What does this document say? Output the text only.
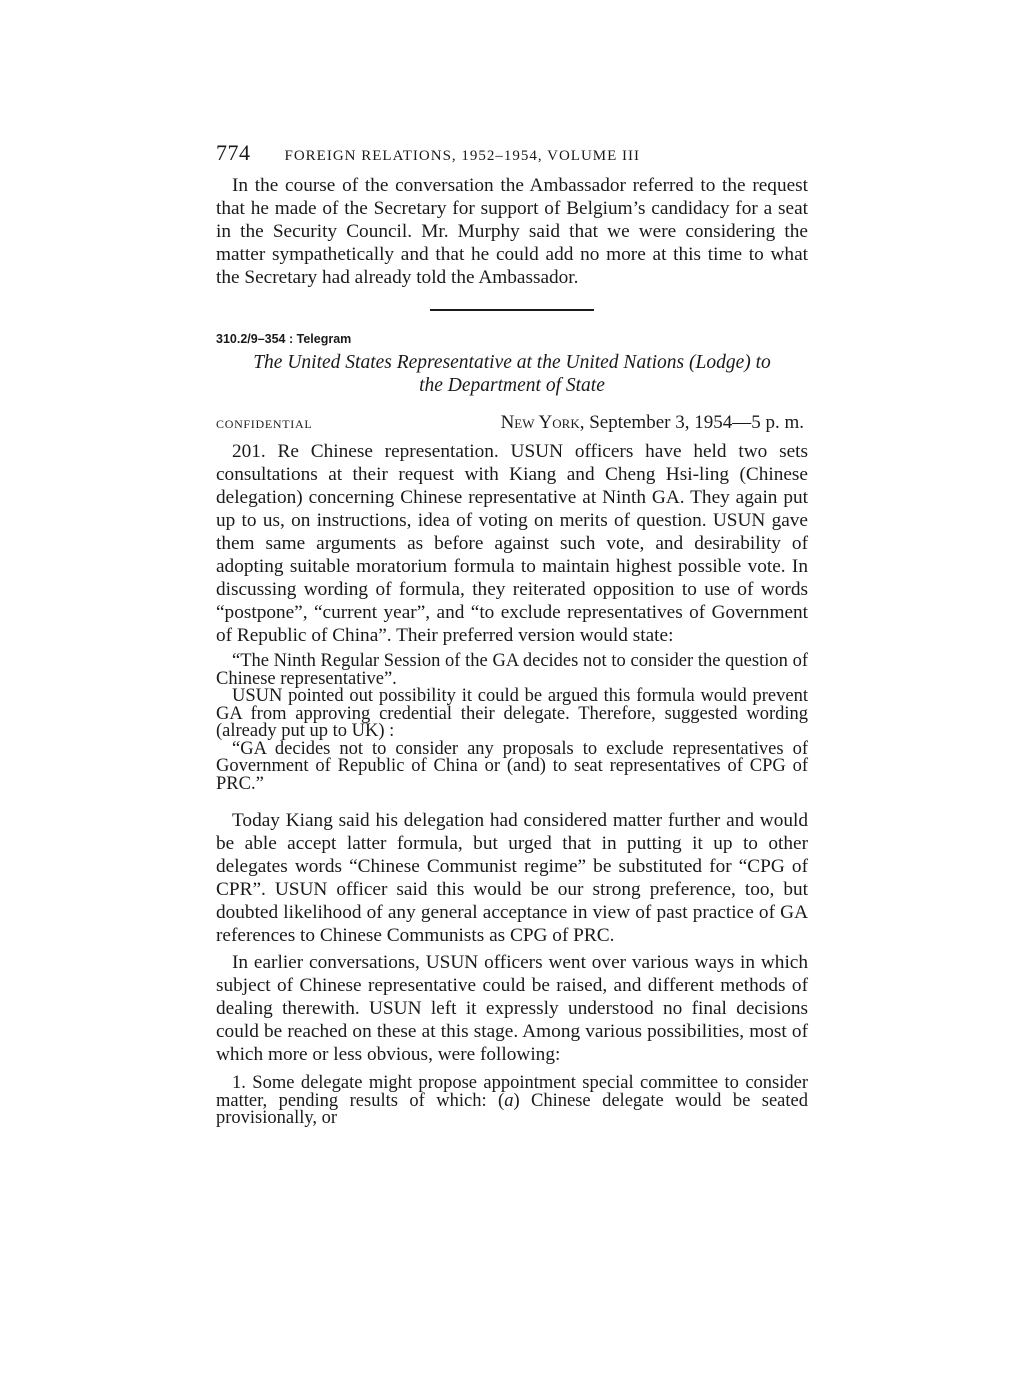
774 FOREIGN RELATIONS, 1952–1954, VOLUME III

In the course of the conversation the Ambassador referred to the request that he made of the Secretary for support of Belgium’s candidacy for a seat in the Security Council. Mr. Murphy said that we were considering the matter sympathetically and that he could add no more at this time to what the Secretary had already told the Ambassador.

310.2/9–354 : Telegram

The United States Representative at the United Nations (Lodge) to

the Department of State

CONFIDENTIAL	New York, September 3, 1954—5 p. m.

201. Re Chinese representation. USUN officers have held two sets consultations at their request with Kiang and Cheng Hsi-ling (Chinese delegation) concerning Chinese representative at Ninth GA. They again put up to us, on instructions, idea of voting on merits of question. USUN gave them same arguments as before against such vote, and desirability of adopting suitable moratorium formula to maintain highest possible vote. In discussing wording of formula, they reiterated opposition to use of words “postpone”, “current year”, and “to exclude representatives of Government of Republic of China”. Their preferred version would state:

“The Ninth Regular Session of the GA decides not to consider the question of Chinese representative”.

USUN pointed out possibility it could be argued this formula would prevent GA from approving credential their delegate. Therefore, suggested wording (already put up to UK) :

“GA decides not to consider any proposals to exclude representatives of Government of Republic of China or (and) to seat representatives of CPG of PRC.”

Today Kiang said his delegation had considered matter further and would be able accept latter formula, but urged that in putting it up to other delegates words “Chinese Communist regime” be substituted for “CPG of CPR”. USUN officer said this would be our strong preference, too, but doubted likelihood of any general acceptance in view of past practice of GA references to Chinese Communists as CPG of PRC.

In earlier conversations, USUN officers went over various ways in which subject of Chinese representative could be raised, and different methods of dealing therewith. USUN left it expressly understood no final decisions could be reached on these at this stage. Among various possibilities, most of which more or less obvious, were following:

1. Some delegate might propose appointment special committee to consider matter, pending results of which: (a) Chinese delegate would be seated provisionally, or
